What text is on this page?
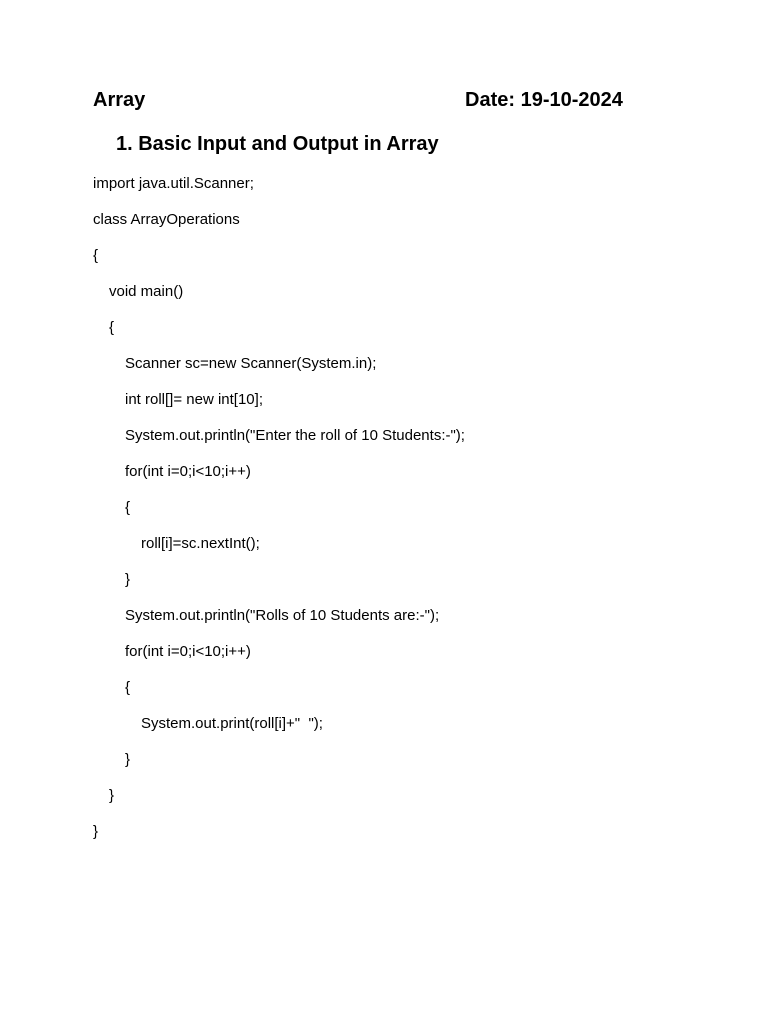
Array	Date: 19-10-2024
1. Basic Input and Output in Array
import java.util.Scanner;
class ArrayOperations
{
void main()
{
Scanner sc=new Scanner(System.in);
int roll[]= new int[10];
System.out.println("Enter the roll of 10 Students:-");
for(int i=0;i<10;i++)
{
roll[i]=sc.nextInt();
}
System.out.println("Rolls of 10 Students are:-");
for(int i=0;i<10;i++)
{
System.out.print(roll[i]+"  ");
}
}
}
